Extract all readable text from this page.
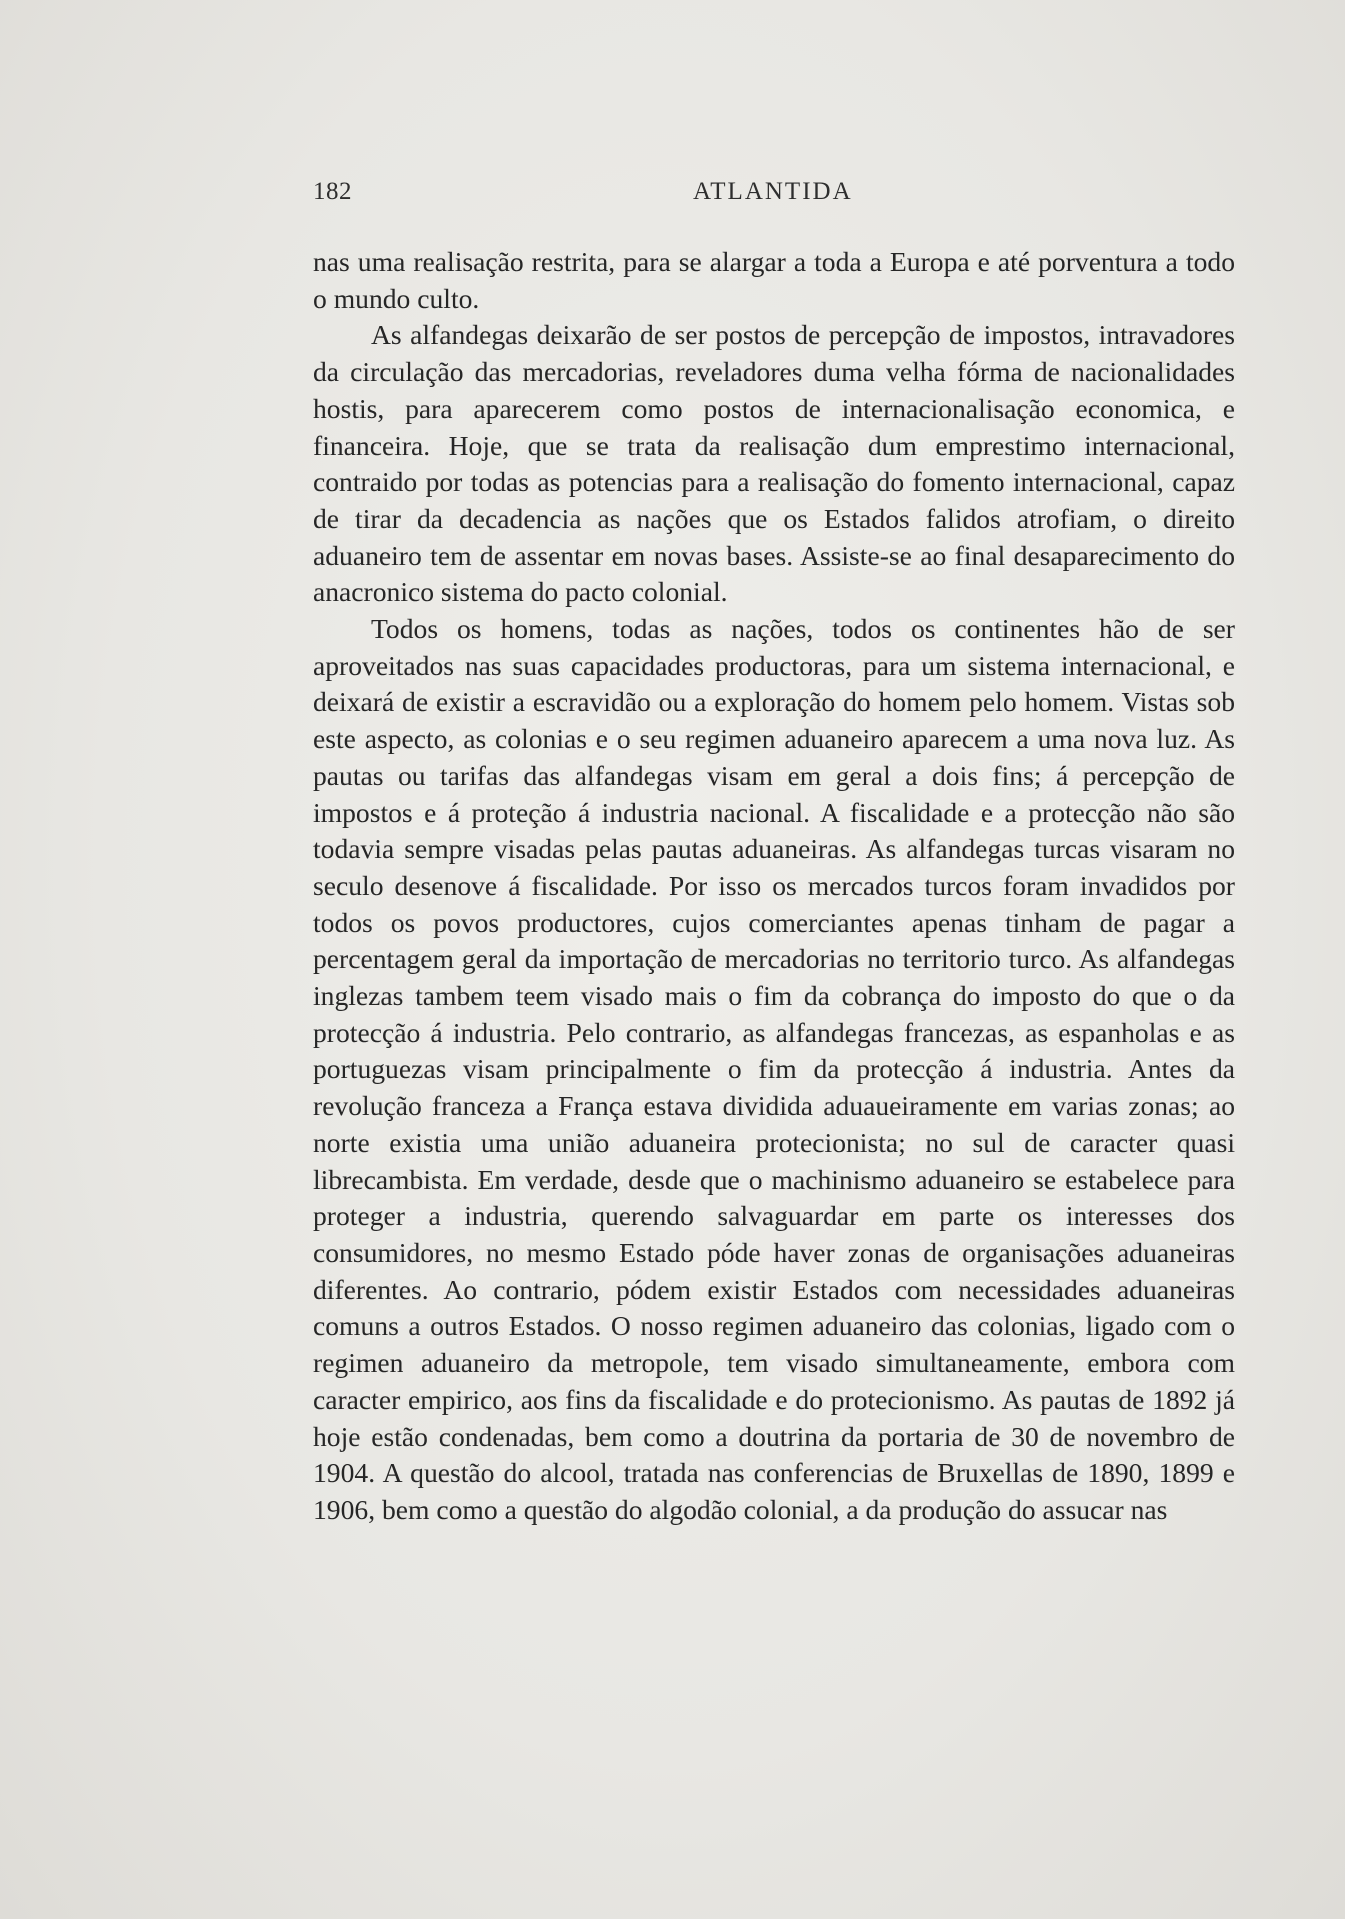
182	ATLANTIDA

nas uma realisação restrita, para se alargar a toda a Europa e até porventura a todo o mundo culto.

As alfandegas deixarão de ser postos de percepção de impostos, intravadores da circulação das mercadorias, reveladores duma velha fórma de nacionalidades hostis, para aparecerem como postos de internacionalisação economica, e financeira. Hoje, que se trata da realisação dum emprestimo internacional, contraido por todas as potencias para a realisação do fomento internacional, capaz de tirar da decadencia as nações que os Estados falidos atrofiam, o direito aduaneiro tem de assentar em novas bases. Assiste-se ao final desaparecimento do anacronico sistema do pacto colonial.

Todos os homens, todas as nações, todos os continentes hão de ser aproveitados nas suas capacidades productoras, para um sistema internacional, e deixará de existir a escravidão ou a exploração do homem pelo homem. Vistas sob este aspecto, as colonias e o seu regimen aduaneiro aparecem a uma nova luz. As pautas ou tarifas das alfandegas visam em geral a dois fins; á percepção de impostos e á proteção á industria nacional. A fiscalidade e a protecção não são todavia sempre visadas pelas pautas aduaneiras. As alfandegas turcas visaram no seculo desenove á fiscalidade. Por isso os mercados turcos foram invadidos por todos os povos productores, cujos comerciantes apenas tinham de pagar a percentagem geral da importação de mercadorias no territorio turco. As alfandegas inglezas tambem teem visado mais o fim da cobrança do imposto do que o da protecção á industria. Pelo contrario, as alfandegas francezas, as espanholas e as portuguezas visam principalmente o fim da protecção á industria. Antes da revolução franceza a França estava dividida aduaueiramente em varias zonas; ao norte existia uma união aduaneira protecionista; no sul de caracter quasi librecambista. Em verdade, desde que o machinismo aduaneiro se estabelece para proteger a industria, querendo salvaguardar em parte os interesses dos consumidores, no mesmo Estado póde haver zonas de organisações aduaneiras diferentes. Ao contrario, pódem existir Estados com necessidades aduaneiras comuns a outros Estados. O nosso regimen aduaneiro das colonias, ligado com o regimen aduaneiro da metropole, tem visado simultaneamente, embora com caracter empirico, aos fins da fiscalidade e do protecionismo. As pautas de 1892 já hoje estão condenadas, bem como a doutrina da portaria de 30 de novembro de 1904. A questão do alcool, tratada nas conferencias de Bruxellas de 1890, 1899 e 1906, bem como a questão do algodão colonial, a da produção do assucar nas
